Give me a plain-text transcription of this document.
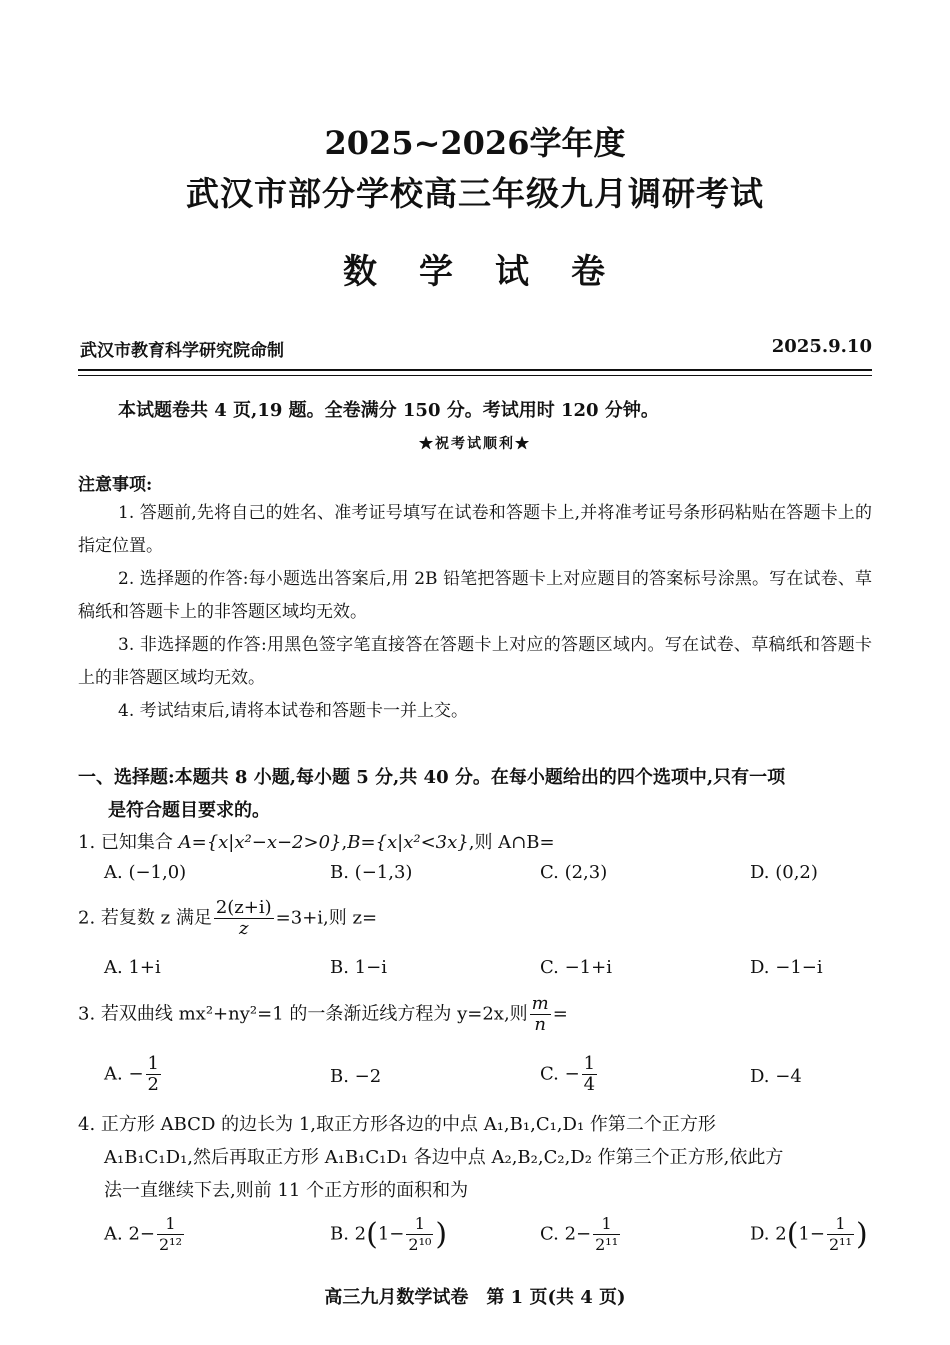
2025~2026学年度
武汉市部分学校高三年级九月调研考试
数 学 试 卷
武汉市教育科学研究院命制	2025.9.10
本试题卷共 4 页,19 题。全卷满分 150 分。考试用时 120 分钟。
★祝考试顺利★
注意事项:
1. 答题前,先将自己的姓名、准考证号填写在试卷和答题卡上,并将准考证号条形码粘贴在答题卡上的指定位置。
2. 选择题的作答:每小题选出答案后,用 2B 铅笔把答题卡上对应题目的答案标号涂黑。写在试卷、草稿纸和答题卡上的非答题区域均无效。
3. 非选择题的作答:用黑色签字笔直接答在答题卡上对应的答题区域内。写在试卷、草稿纸和答题卡上的非答题区域均无效。
4. 考试结束后,请将本试卷和答题卡一并上交。
一、选择题:本题共 8 小题,每小题 5 分,共 40 分。在每小题给出的四个选项中,只有一项
是符合题目要求的。
1. 已知集合 A={x|x²−x−2>0},B={x|x²<3x},则 A∩B=
A. (−1,0)	B. (−1,3)	C. (2,3)	D. (0,2)
2. 若复数 z 满足 $\frac{2(z+i)}{z} =3+i$,则 z=
A. 1+i	B. 1−i	C. −1+i	D. −1−i
3. 若双曲线 mx²+ny²=1 的一条渐近线方程为 y=2x,则 $\frac{m}{n}$ =
A. − $\frac{1}{2}$	B. −2	C. − $\frac{1}{4}$	D. −4
4. 正方形 ABCD 的边长为 1,取正方形各边的中点 A₁,B₁,C₁,D₁ 作第二个正方形
A₁B₁C₁D₁,然后再取正方形 A₁B₁C₁D₁ 各边中点 A₂,B₂,C₂,D₂ 作第三个正方形,依此方
法一直继续下去,则前 11 个正方形的面积和为
A. $2- \frac{1}{\text{2¹²}}$	B. $2(1- \frac{1}{\text{2¹⁰}}$ )	C. $2- \frac{1}{\text{2¹¹}}$	D. $2(1- \frac{1}{\text{2¹¹}}$ )
高三九月数学试卷　第 1 页(共 4 页)
